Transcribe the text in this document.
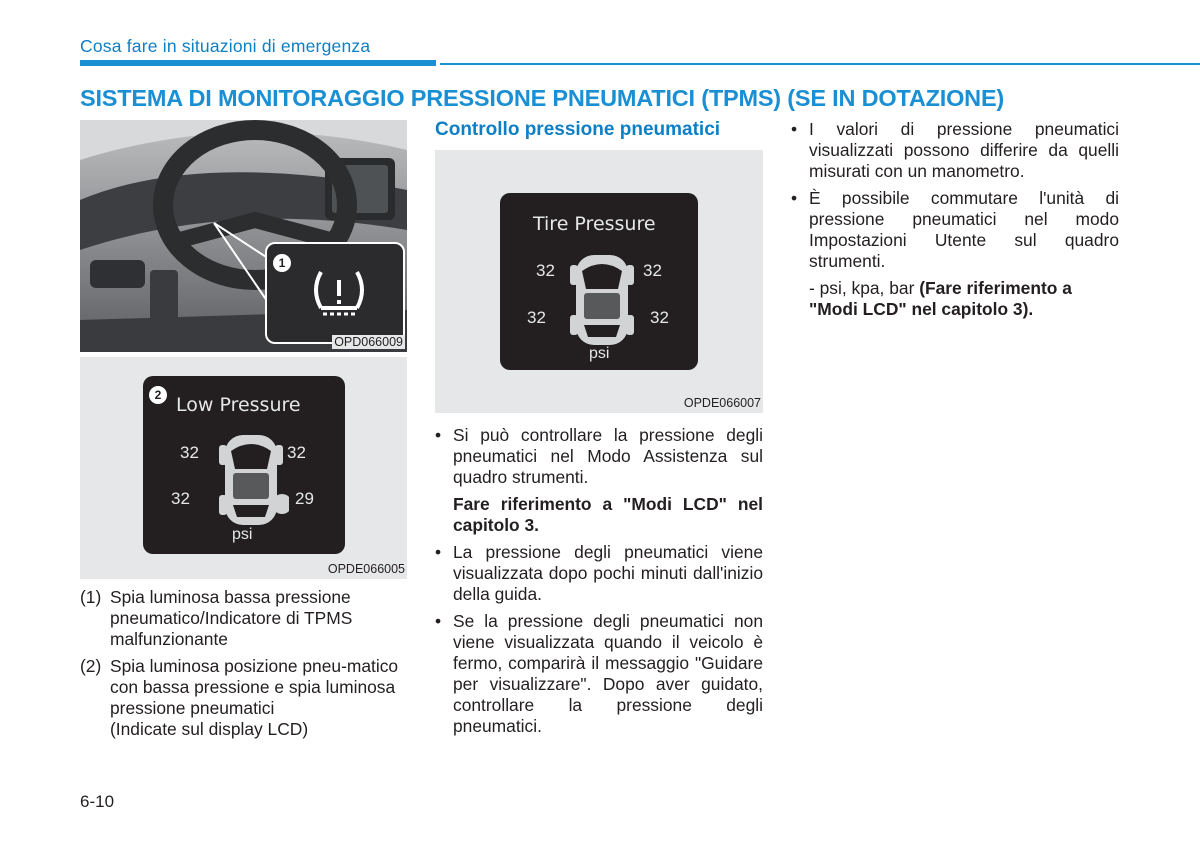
Cosa fare in situazioni di emergenza
SISTEMA DI MONITORAGGIO PRESSIONE PNEUMATICI (TPMS) (SE IN DOTAZIONE)
1
OPD066009
2 Low Pressure
32	32
32	29
psi
OPDE066005
(1) Spia luminosa bassa pressione pneumatico/Indicatore di TPMS malfunzionante
(2) Spia luminosa posizione pneu-matico con bassa pressione e spia luminosa pressione pneumatici
(Indicate sul display LCD)
Controllo pressione pneumatici
Tire Pressure
32	32
32	32
psi
OPDE066007
• Si può controllare la pressione degli pneumatici nel Modo Assistenza sul quadro strumenti.
Fare riferimento a "Modi LCD" nel capitolo 3.
• La pressione degli pneumatici viene visualizzata dopo pochi minuti dall'inizio della guida.
• Se la pressione degli pneumatici non viene visualizzata quando il veicolo è fermo, comparirà il messaggio "Guidare per visualizzare". Dopo aver guidato, controllare la pressione degli pneumatici.
• I valori di pressione pneumatici visualizzati possono differire da quelli misurati con un manometro.
• È possibile commutare l'unità di pressione pneumatici nel modo Impostazioni Utente sul quadro strumenti.
- psi, kpa, bar (Fare riferimento a "Modi LCD" nel capitolo 3).
6-10
